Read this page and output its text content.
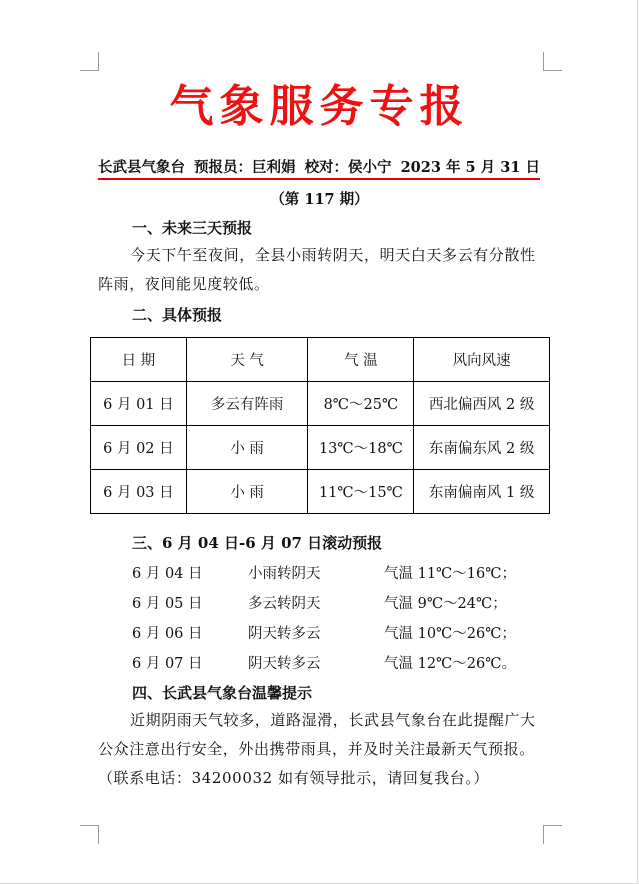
气象服务专报
长武县气象台 预报员：巨利娟 校对：侯小宁 2023 年 5 月 31 日
（第 117 期）
一、未来三天预报
今天下午至夜间，全县小雨转阴天，明天白天多云有分散性阵雨，夜间能见度较低。
二、具体预报
日 期	天 气	气 温	风向风速
6 月 01 日	多云有阵雨	8℃～25℃	西北偏西风 2 级
6 月 02 日	小 雨	13℃～18℃	东南偏东风 2 级
6 月 03 日	小 雨	11℃～15℃	东南偏南风 1 级
三、6 月 04 日-6 月 07 日滚动预报
6 月 04 日	小雨转阴天	气温 11℃～16℃；
6 月 05 日	多云转阴天	气温 9℃～24℃；
6 月 06 日	阴天转多云	气温 10℃～26℃；
6 月 07 日	阴天转多云	气温 12℃～26℃。
四、长武县气象台温馨提示
近期阴雨天气较多，道路湿滑，长武县气象台在此提醒广大公众注意出行安全，外出携带雨具，并及时关注最新天气预报。（联系电话：34200032 如有领导批示，请回复我台。）
